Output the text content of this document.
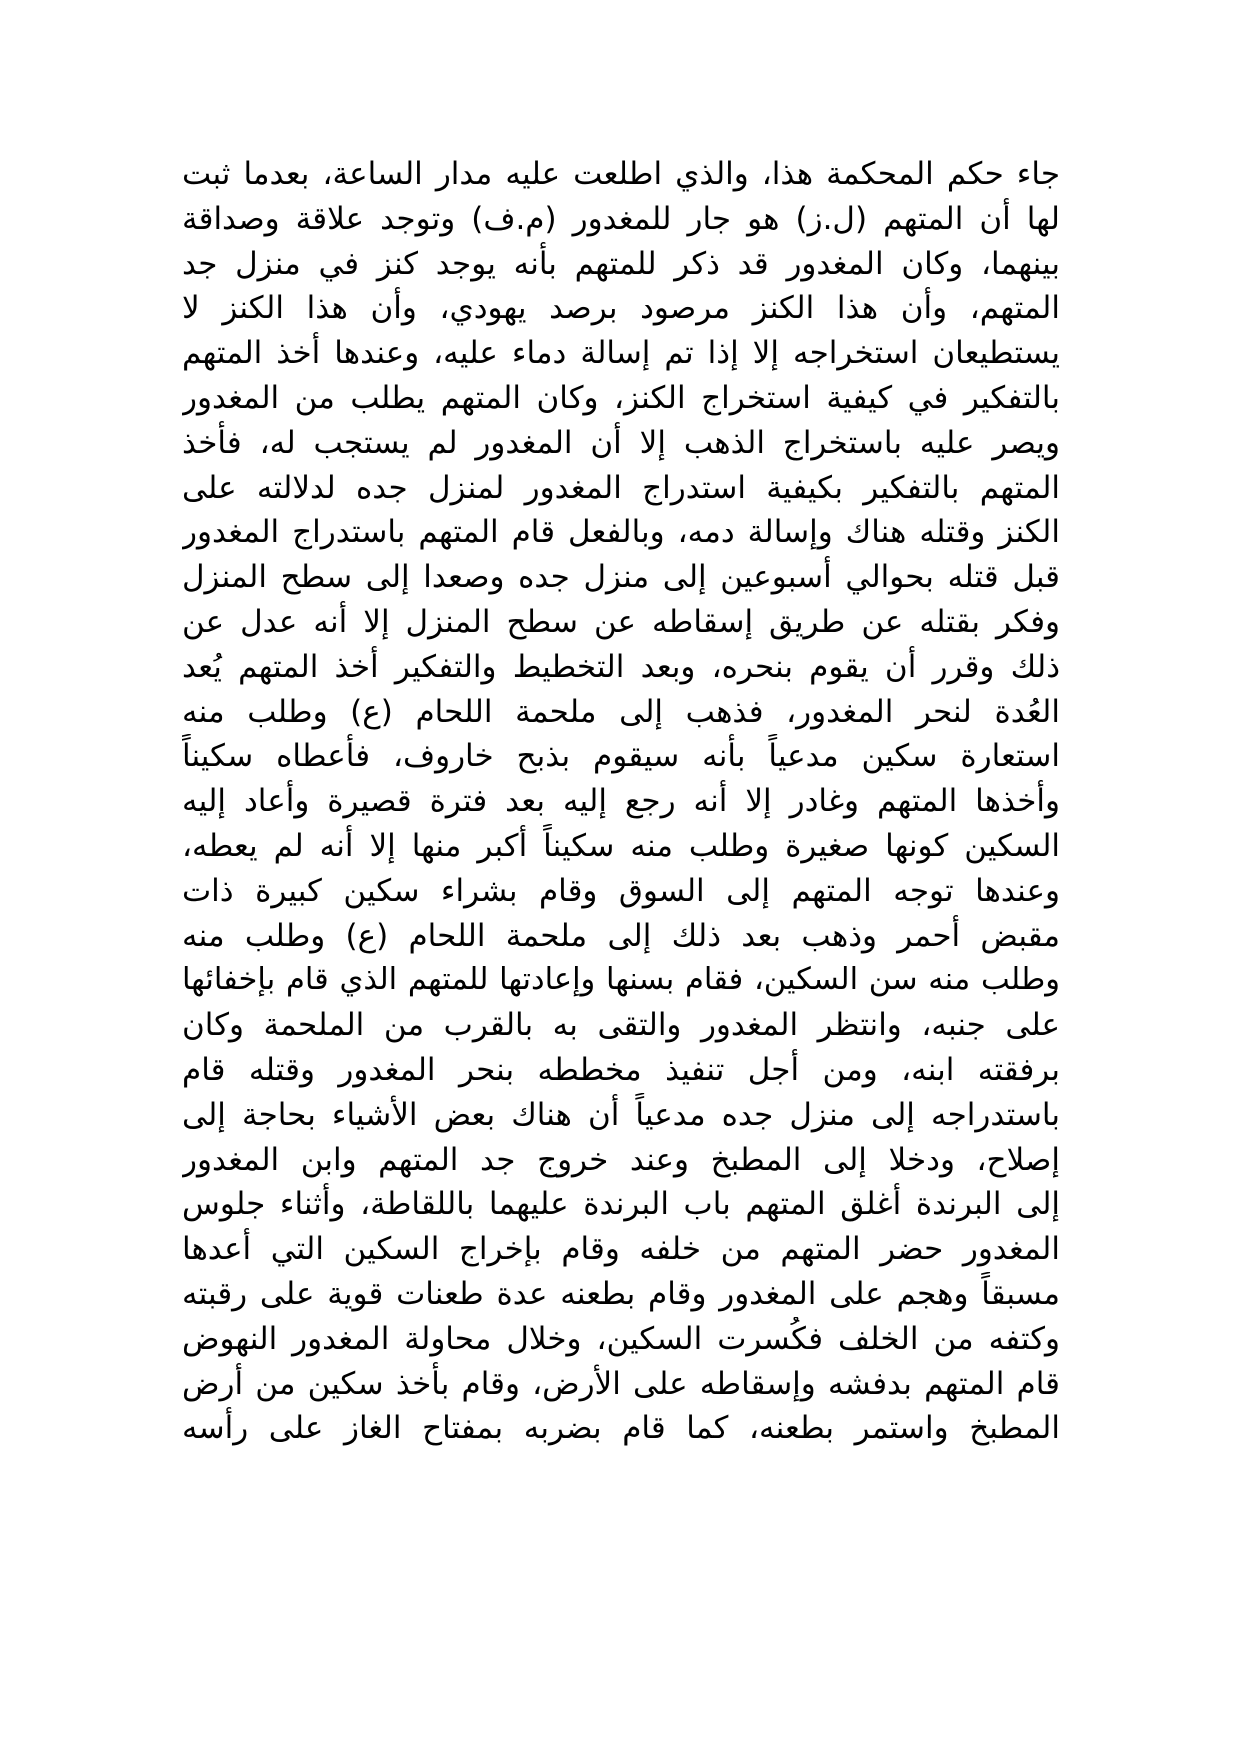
جاء حكم المحكمة هذا، والذي اطلعت عليه مدار الساعة، بعدما ثبت
لها أن المتهم (ل.ز) هو جار للمغدور (م.ف) وتوجد علاقة وصداقة
بينهما، وكان المغدور قد ذكر للمتهم بأنه يوجد كنز في منزل جد
المتهم، وأن هذا الكنز مرصود برصد يهودي، وأن هذا الكنز لا
يستطيعان استخراجه إلا إذا تم إسالة دماء عليه، وعندها أخذ المتهم
بالتفكير في كيفية استخراج الكنز، وكان المتهم يطلب من المغدور
ويصر عليه باستخراج الذهب إلا أن المغدور لم يستجب له، فأخذ
المتهم بالتفكير بكيفية استدراج المغدور لمنزل جده لدلالته على
الكنز وقتله هناك وإسالة دمه، وبالفعل قام المتهم باستدراج المغدور
قبل قتله بحوالي أسبوعين إلى منزل جده وصعدا إلى سطح المنزل
وفكر بقتله عن طريق إسقاطه عن سطح المنزل إلا أنه عدل عن
ذلك وقرر أن يقوم بنحره، وبعد التخطيط والتفكير أخذ المتهم يُعد
العُدة لنحر المغدور، فذهب إلى ملحمة اللحام (ع) وطلب منه
استعارة سكين مدعياً بأنه سيقوم بذبح خاروف، فأعطاه سكيناً
وأخذها المتهم وغادر إلا أنه رجع إليه بعد فترة قصيرة وأعاد إليه
السكين كونها صغيرة وطلب منه سكيناً أكبر منها إلا أنه لم يعطه،
وعندها توجه المتهم إلى السوق وقام بشراء سكين كبيرة ذات
مقبض أحمر وذهب بعد ذلك إلى ملحمة اللحام (ع) وطلب منه
وطلب منه سن السكين، فقام بسنها وإعادتها للمتهم الذي قام بإخفائها
على جنبه، وانتظر المغدور والتقى به بالقرب من الملحمة وكان
برفقته ابنه، ومن أجل تنفيذ مخططه بنحر المغدور وقتله قام
باستدراجه إلى منزل جده مدعياً أن هناك بعض الأشياء بحاجة إلى
إصلاح، ودخلا إلى المطبخ وعند خروج جد المتهم وابن المغدور
إلى البرندة أغلق المتهم باب البرندة عليهما باللقاطة، وأثناء جلوس
المغدور حضر المتهم من خلفه وقام بإخراج السكين التي أعدها
مسبقاً وهجم على المغدور وقام بطعنه عدة طعنات قوية على رقبته
وكتفه من الخلف فكُسرت السكين، وخلال محاولة المغدور النهوض
قام المتهم بدفشه وإسقاطه على الأرض، وقام بأخذ سكين من أرض
المطبخ واستمر بطعنه، كما قام بضربه بمفتاح الغاز على رأسه
